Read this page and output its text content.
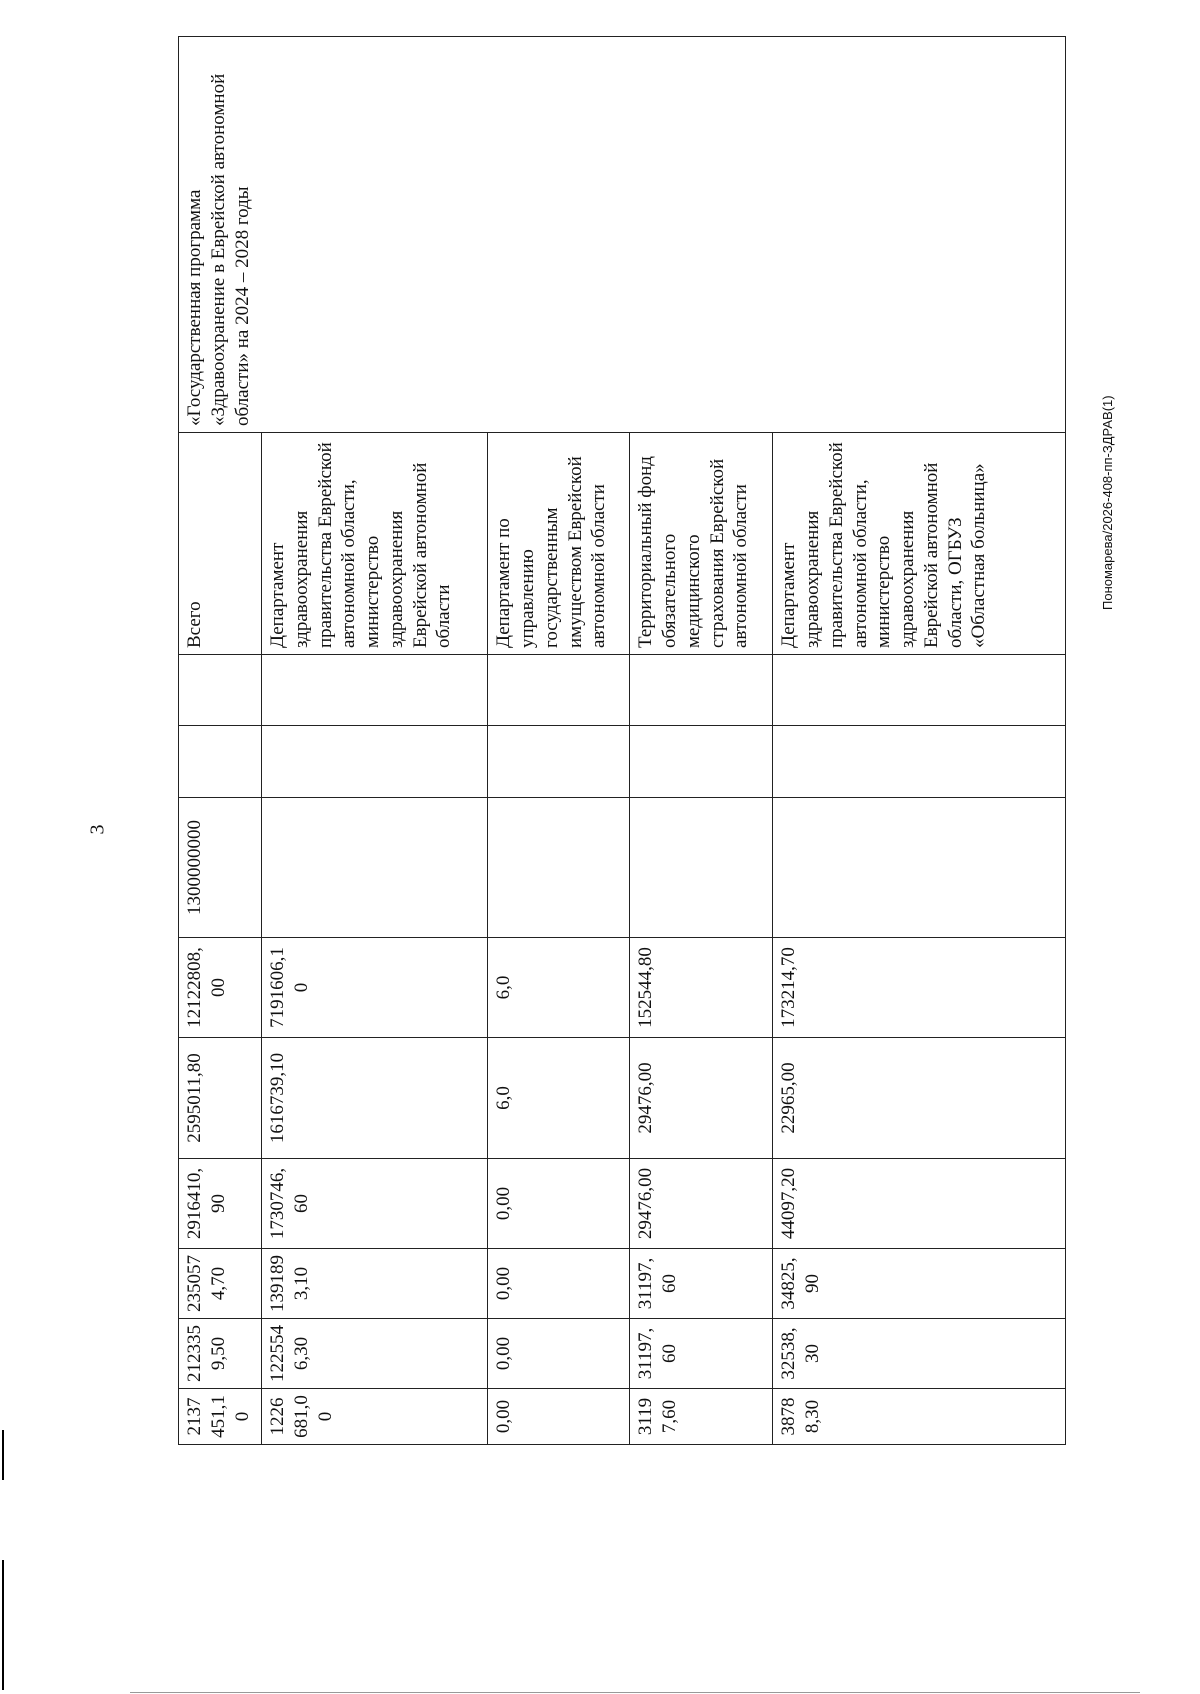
3
Пономарева/2026-408-пп-ЗДРАВ(1)
2137451,10	2123359,50	2350574,70	2916410,90	2595011,80	12122808,00	1300000000			Всего	«Государственная программа «Здравоохранение в Еврейской автономной области» на 2024 – 2028 годы
1226681,00	1225546,30	1391893,10	1730746,60	1616739,10	7191606,10				Департамент здравоохранения правительства Еврейской автономной области, министерство здравоохранения Еврейской автономной области	
0,00	0,00	0,00	0,00	6,0	6,0				Департамент по управлению государственным имуществом Еврейской автономной области	
31197,60	31197,60	31197,60	29476,00	29476,00	152544,80				Территориальный фонд обязательного медицинского страхования Еврейской автономной области	
38788,30	32538,30	34825,90	44097,20	22965,00	173214,70				Департамент здравоохранения правительства Еврейской автономной области, министерство здравоохранения Еврейской автономной области, ОГБУЗ «Областная больница»	
